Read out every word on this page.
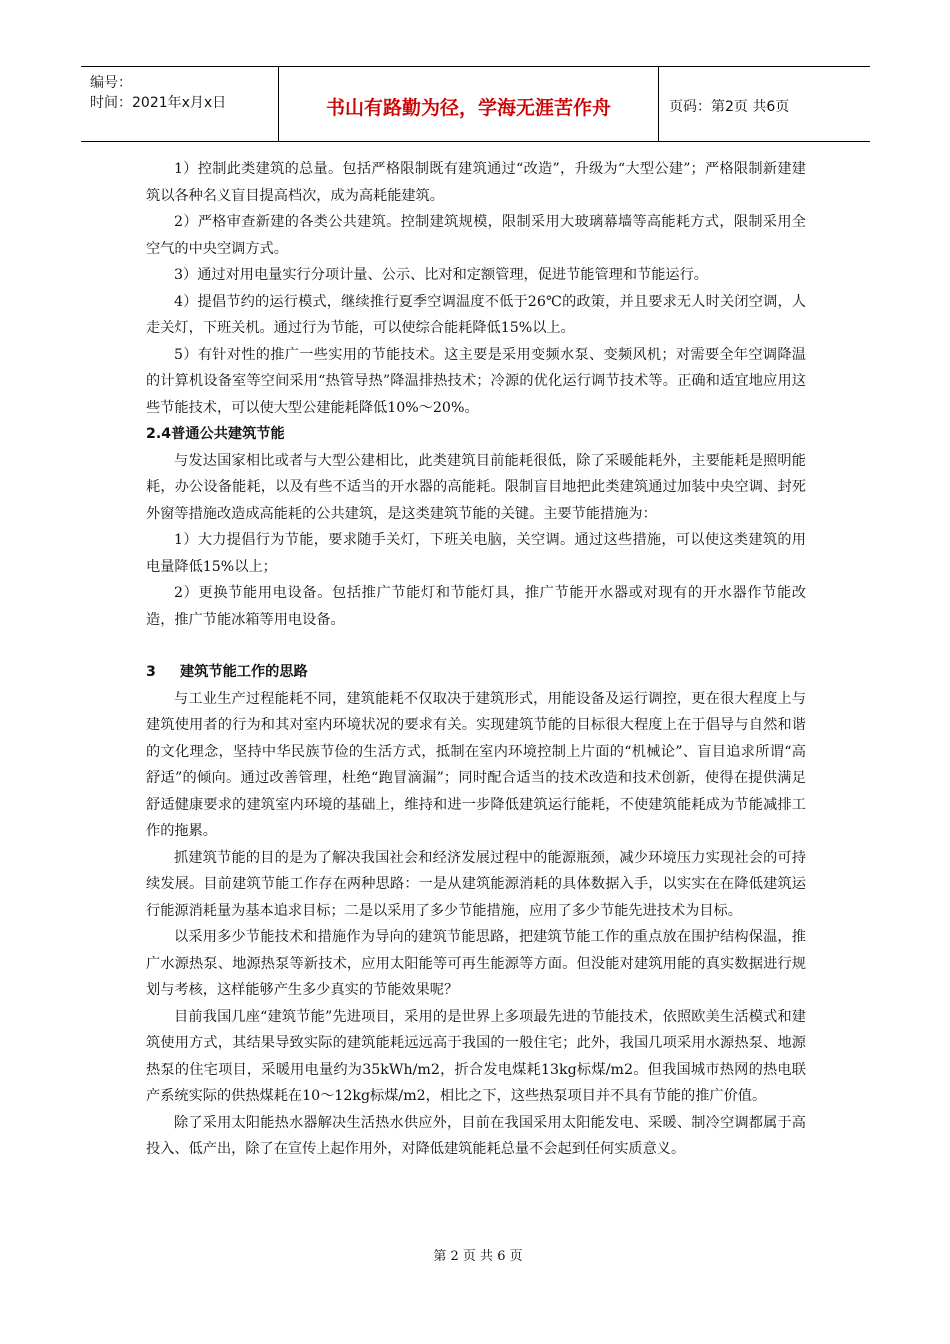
编号：
时间：2021年x月x日	书山有路勤为径，学海无涯苦作舟	页码：第2页 共6页

1）控制此类建筑的总量。包括严格限制既有建筑通过“改造”，升级为“大型公建”；严格限制新建建筑以各种名义盲目提高档次，成为高耗能建筑。

2）严格审查新建的各类公共建筑。控制建筑规模，限制采用大玻璃幕墙等高能耗方式，限制采用全空气的中央空调方式。

3）通过对用电量实行分项计量、公示、比对和定额管理，促进节能管理和节能运行。

4）提倡节约的运行模式，继续推行夏季空调温度不低于26℃的政策，并且要求无人时关闭空调，人走关灯，下班关机。通过行为节能，可以使综合能耗降低15%以上。

5）有针对性的推广一些实用的节能技术。这主要是采用变频水泵、变频风机；对需要全年空调降温的计算机设备室等空间采用“热管导热”降温排热技术；冷源的优化运行调节技术等。正确和适宜地应用这些节能技术，可以使大型公建能耗降低10%～20%。

2.4普通公共建筑节能

与发达国家相比或者与大型公建相比，此类建筑目前能耗很低，除了采暖能耗外，主要能耗是照明能耗，办公设备能耗，以及有些不适当的开水器的高能耗。限制盲目地把此类建筑通过加装中央空调、封死外窗等措施改造成高能耗的公共建筑，是这类建筑节能的关键。主要节能措施为：

1）大力提倡行为节能，要求随手关灯，下班关电脑，关空调。通过这些措施，可以使这类建筑的用电量降低15%以上；

2）更换节能用电设备。包括推广节能灯和节能灯具，推广节能开水器或对现有的开水器作节能改造，推广节能冰箱等用电设备。

3 建筑节能工作的思路

与工业生产过程能耗不同，建筑能耗不仅取决于建筑形式，用能设备及运行调控，更在很大程度上与建筑使用者的行为和其对室内环境状况的要求有关。实现建筑节能的目标很大程度上在于倡导与自然和谐的文化理念，坚持中华民族节俭的生活方式，抵制在室内环境控制上片面的“机械论”、盲目追求所谓“高舒适”的倾向。通过改善管理，杜绝“跑冒滴漏”；同时配合适当的技术改造和技术创新，使得在提供满足舒适健康要求的建筑室内环境的基础上，维持和进一步降低建筑运行能耗，不使建筑能耗成为节能减排工作的拖累。

抓建筑节能的目的是为了解决我国社会和经济发展过程中的能源瓶颈，减少环境压力实现社会的可持续发展。目前建筑节能工作存在两种思路：一是从建筑能源消耗的具体数据入手，以实实在在降低建筑运行能源消耗量为基本追求目标；二是以采用了多少节能措施，应用了多少节能先进技术为目标。

以采用多少节能技术和措施作为导向的建筑节能思路，把建筑节能工作的重点放在围护结构保温，推广水源热泵、地源热泵等新技术，应用太阳能等可再生能源等方面。但没能对建筑用能的真实数据进行规划与考核，这样能够产生多少真实的节能效果呢？

目前我国几座“建筑节能”先进项目，采用的是世界上多项最先进的节能技术，依照欧美生活模式和建筑使用方式，其结果导致实际的建筑能耗远远高于我国的一般住宅；此外，我国几项采用水源热泵、地源热泵的住宅项目，采暖用电量约为35kWh/m2，折合发电煤耗13kg标煤/m2。但我国城市热网的热电联产系统实际的供热煤耗在10～12kg标煤/m2，相比之下，这些热泵项目并不具有节能的推广价值。

除了采用太阳能热水器解决生活热水供应外，目前在我国采用太阳能发电、采暖、制冷空调都属于高投入、低产出，除了在宣传上起作用外，对降低建筑能耗总量不会起到任何实质意义。

第 2 页 共 6 页
